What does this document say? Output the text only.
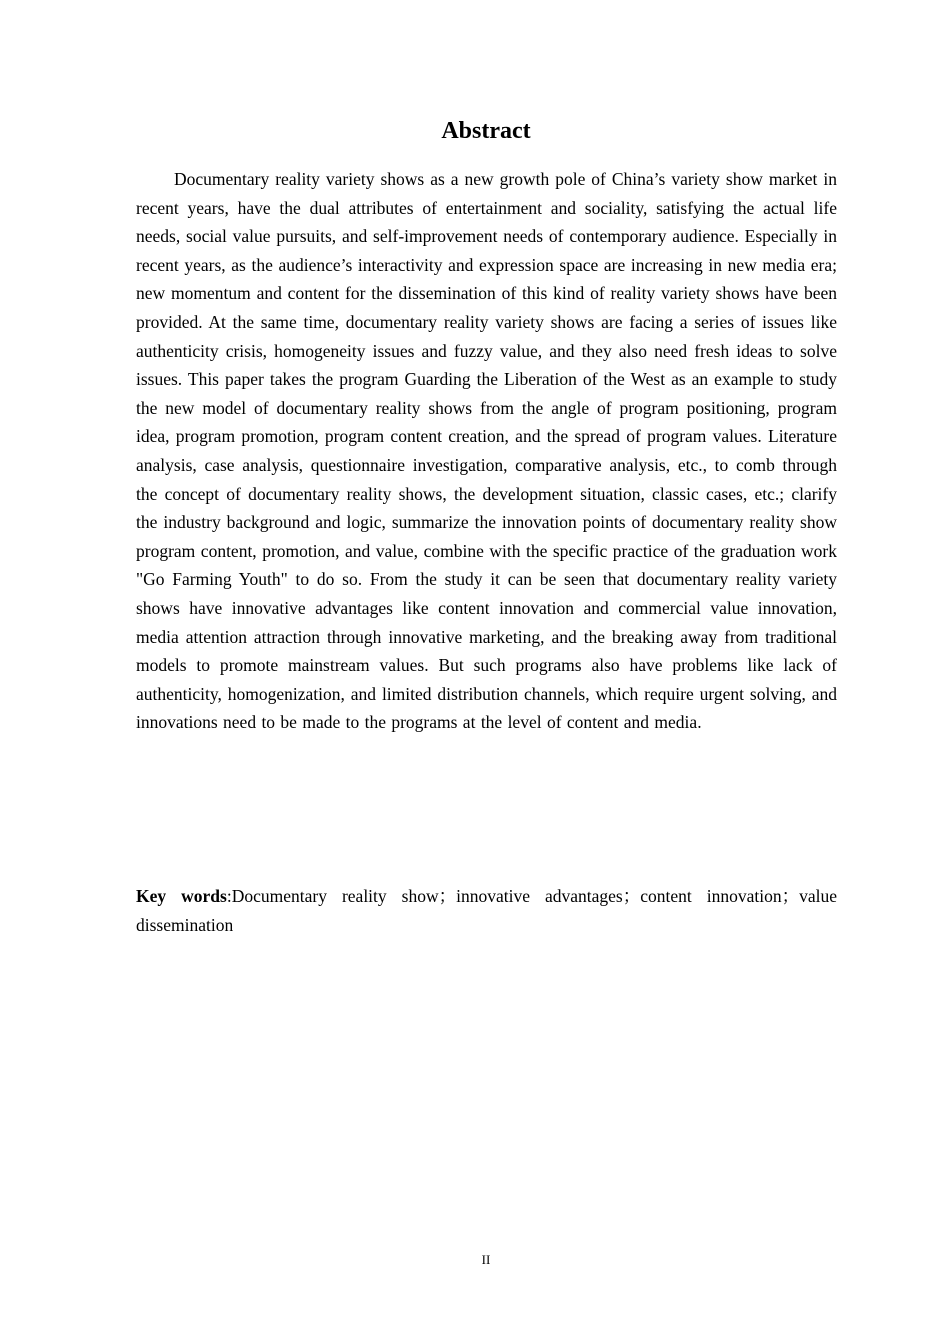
Abstract

Documentary reality variety shows as a new growth pole of China’s variety show market in recent years, have the dual attributes of entertainment and sociality, satisfying the actual life needs, social value pursuits, and self-improvement needs of contemporary audience. Especially in recent years, as the audience’s interactivity and expression space are increasing in new media era; new momentum and content for the dissemination of this kind of reality variety shows have been provided. At the same time, documentary reality variety shows are facing a series of issues like authenticity crisis, homogeneity issues and fuzzy value, and they also need fresh ideas to solve issues. This paper takes the program Guarding the Liberation of the West as an example to study the new model of documentary reality shows from the angle of program positioning, program idea, program promotion, program content creation, and the spread of program values. Literature analysis, case analysis, questionnaire investigation, comparative analysis, etc., to comb through the concept of documentary reality shows, the development situation, classic cases, etc.; clarify the industry background and logic, summarize the innovation points of documentary reality show program content, promotion, and value, combine with the specific practice of the graduation work "Go Farming Youth" to do so. From the study it can be seen that documentary reality variety shows have innovative advantages like content innovation and commercial value innovation, media attention attraction through innovative marketing, and the breaking away from traditional models to promote mainstream values. But such programs also have problems like lack of authenticity, homogenization, and limited distribution channels, which require urgent solving, and innovations need to be made to the programs at the level of content and media.

Key words:Documentary reality show；innovative advantages；content innovation；value dissemination

II
